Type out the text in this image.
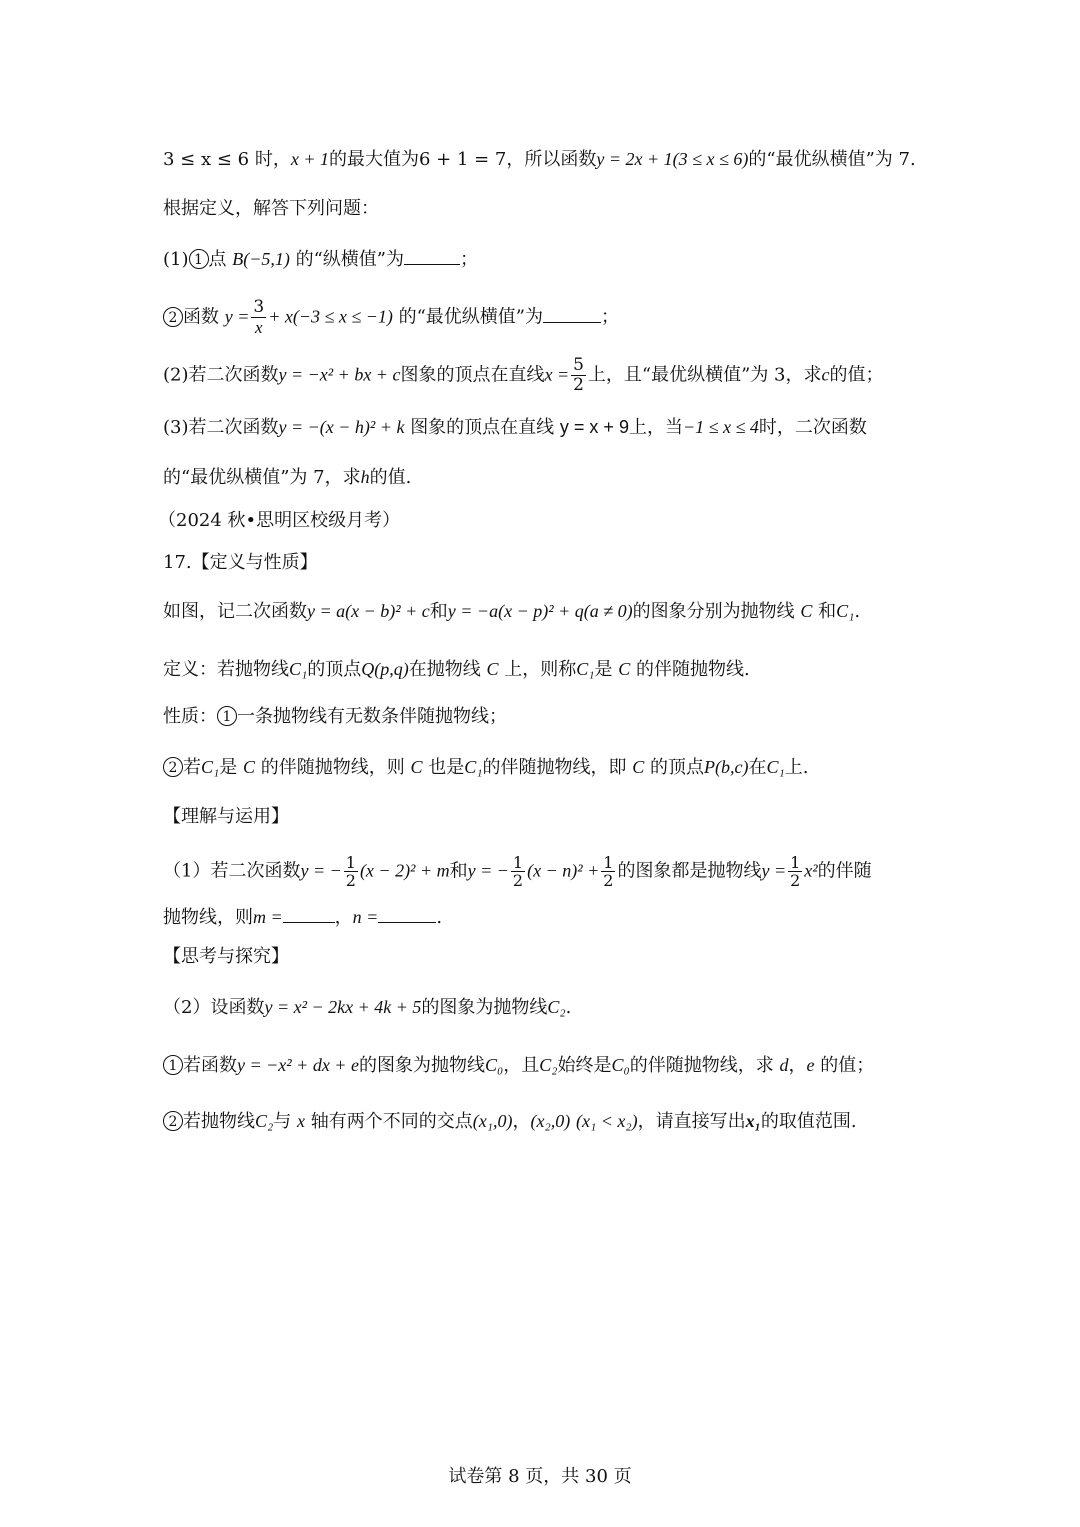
3 ≤ x ≤ 6 时，x + 1的最大值为6 + 1 = 7，所以函数y = 2x + 1(3 ≤ x ≤ 6)的“最优纵横值”为 7.
根据定义，解答下列问题：
(1) 1 点 B(−5,1) 的“纵横值”为	；
2 函数 $y = \frac{3}{x} + x(-3 \le x \le -1)$ 的“最优纵横值”为	；
(2)若二次函数y = −x² + bx + c图象的顶点在直线$x = \frac{5}{2}$ 上，且“最优纵横值”为 3，求c的值；
(3)若二次函数y = −(x − h)² + k 图象的顶点在直线 y = x + 9上，当−1 ≤ x ≤ 4时，二次函数
的“最优纵横值”为 7，求h的值.
（2024 秋•思明区校级月考）
17.【定义与性质】
如图，记二次函数y = a(x − b)² + c和y = −a(x − p)² + q(a ≠ 0)的图象分别为抛物线 C 和C₁.
定义：若抛物线C₁的顶点Q(p,q)在抛物线 C 上，则称C₁是 C 的伴随抛物线.
性质： 1 一条抛物线有无数条伴随抛物线；
2 若C₁是 C 的伴随抛物线，则 C 也是C₁的伴随抛物线，即 C 的顶点P(b,c)在C₁上.
【理解与运用】
（1）若二次函数y = − $\frac{1}{2} (x - 2)^2 + m$和y = − $\frac{1}{2} (x - n)^2 + \frac{1}{2}$ 的图象都是抛物线$y = \frac{1}{2} x^2$的伴随
抛物线，则m =	，n =	.
【思考与探究】
（2）设函数y = x² − 2kx + 4k + 5的图象为抛物线C₂.
1 若函数y = −x² + dx + e的图象为抛物线C₀，且C₂始终是C₀的伴随抛物线，求 d，e 的值；
2 若抛物线C₂与 x 轴有两个不同的交点(x₁,0)，(x₂,0) (x₁ < x₂)，请直接写出x₁的取值范围.
试卷第 8 页，共 30 页
